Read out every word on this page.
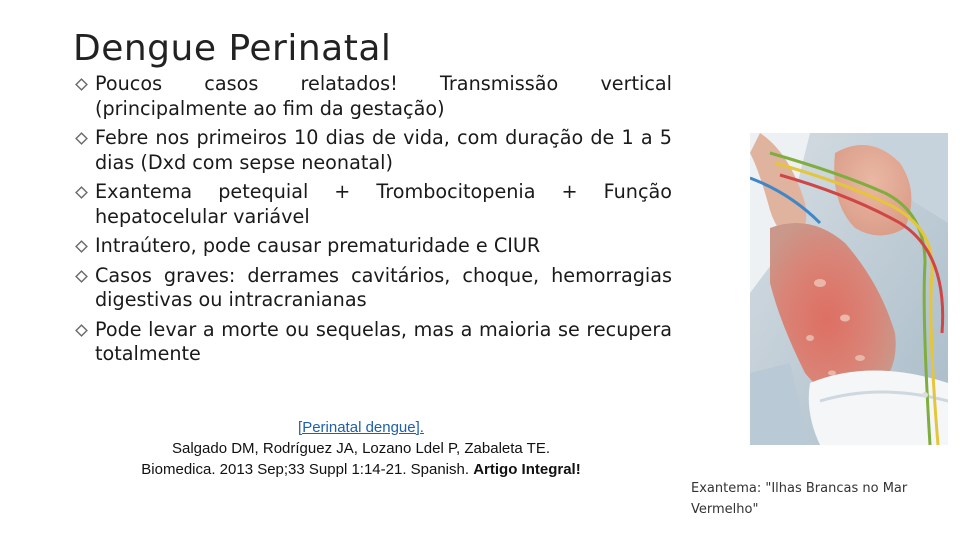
Dengue Perinatal
Poucos casos relatados! Transmissão vertical (principalmente ao fim da gestação)
Febre nos primeiros 10 dias de vida, com duração de 1 a 5 dias (Dxd com sepse neonatal)
Exantema petequial + Trombocitopenia + Função hepatocelular variável
Intraútero, pode causar prematuridade e CIUR
Casos graves: derrames cavitários, choque, hemorragias digestivas ou intracranianas
Pode levar a morte ou sequelas, mas a maioria se recupera totalmente
[Perinatal dengue].
Salgado DM, Rodríguez JA, Lozano Ldel P, Zabaleta TE.
Biomedica. 2013 Sep;33 Suppl 1:14-21. Spanish. Artigo Integral!
Exantema: "Ilhas Brancas no Mar Vermelho"
